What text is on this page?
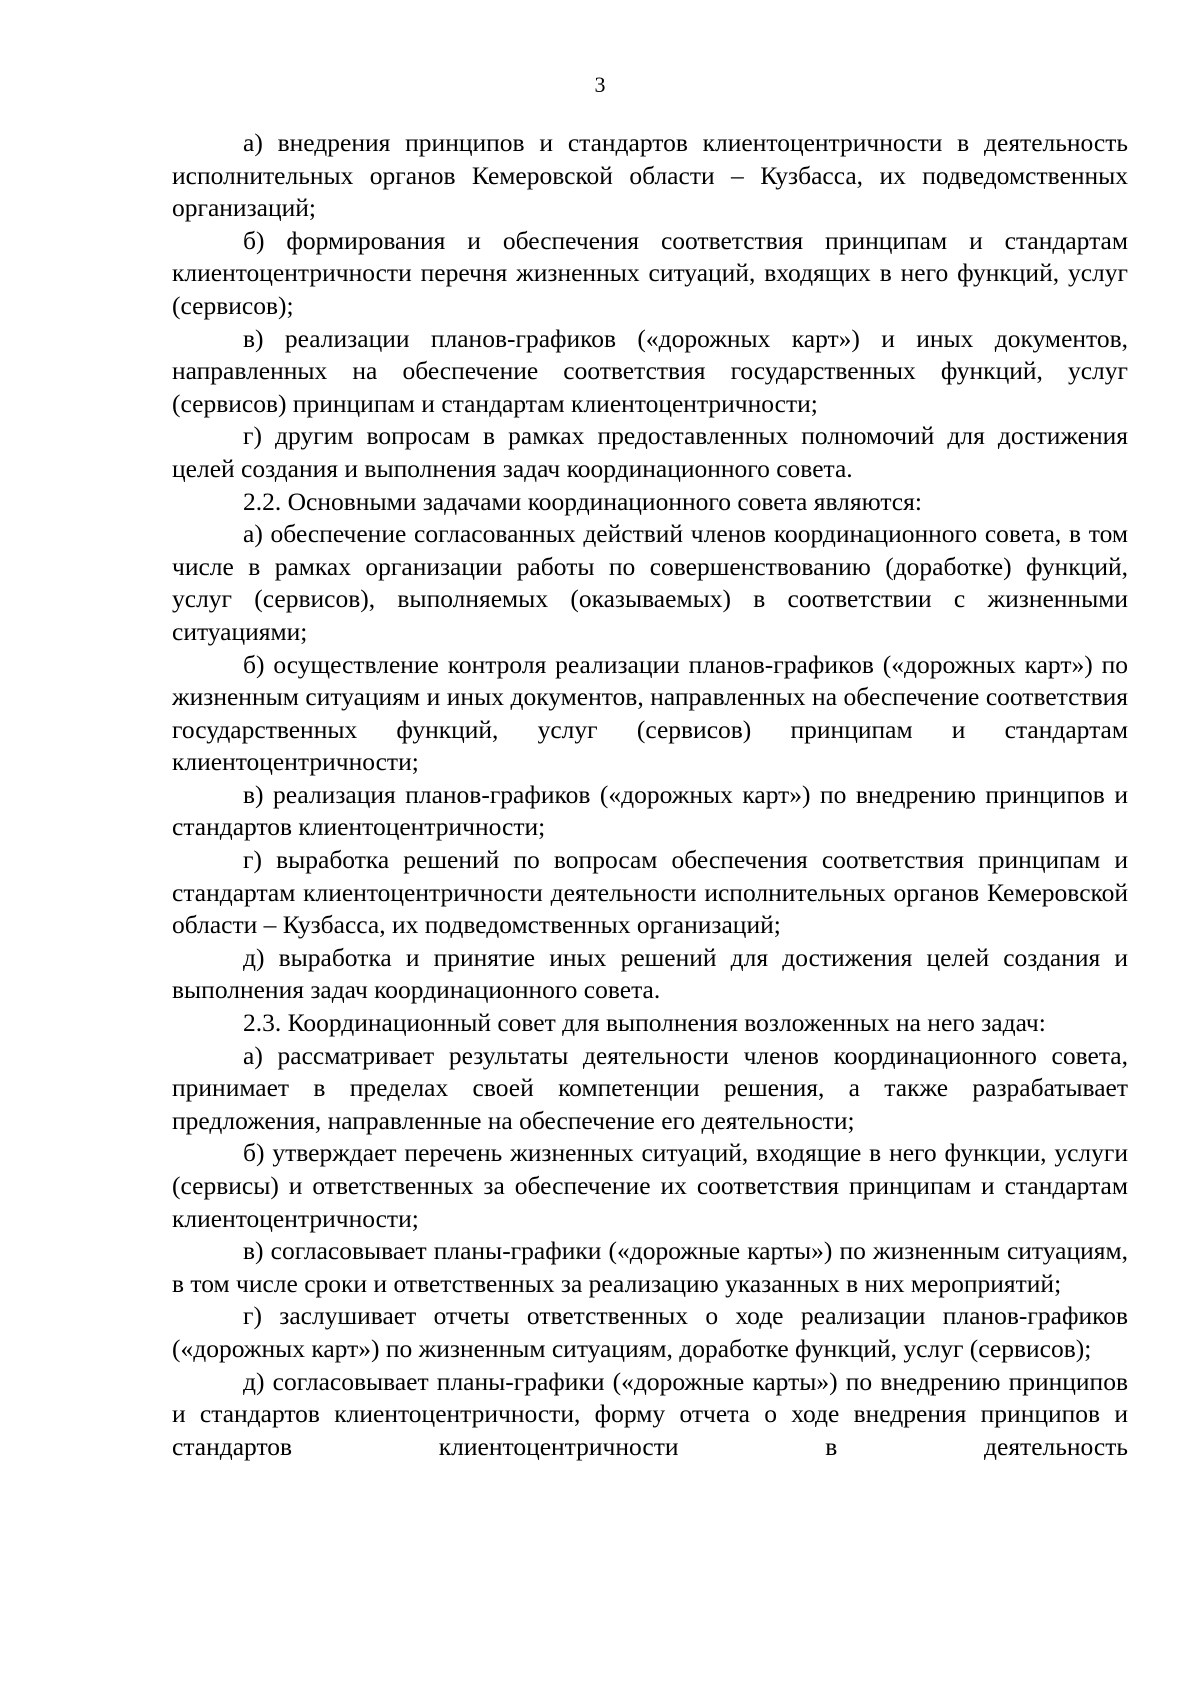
3

а) внедрения принципов и стандартов клиентоцентричности в деятельность исполнительных органов Кемеровской области – Кузбасса, их подведомственных организаций;

б) формирования и обеспечения соответствия принципам и стандартам клиентоцентричности перечня жизненных ситуаций, входящих в него функций, услуг (сервисов);

в) реализации планов-графиков («дорожных карт») и иных документов, направленных на обеспечение соответствия государственных функций, услуг (сервисов) принципам и стандартам клиентоцентричности;

г) другим вопросам в рамках предоставленных полномочий для достижения целей создания и выполнения задач координационного совета.

2.2. Основными задачами координационного совета являются:

а) обеспечение согласованных действий членов координационного совета, в том числе в рамках организации работы по совершенствованию (доработке) функций, услуг (сервисов), выполняемых (оказываемых) в соответствии с жизненными ситуациями;

б) осуществление контроля реализации планов-графиков («дорожных карт») по жизненным ситуациям и иных документов, направленных на обеспечение соответствия государственных функций, услуг (сервисов) принципам и стандартам клиентоцентричности;

в) реализация планов-графиков («дорожных карт») по внедрению принципов и стандартов клиентоцентричности;

г) выработка решений по вопросам обеспечения соответствия принципам и стандартам клиентоцентричности деятельности исполнительных органов Кемеровской области – Кузбасса, их подведомственных организаций;

д) выработка и принятие иных решений для достижения целей создания и выполнения задач координационного совета.

2.3. Координационный совет для выполнения возложенных на него задач:

а) рассматривает результаты деятельности членов координационного совета, принимает в пределах своей компетенции решения, а также разрабатывает предложения, направленные на обеспечение его деятельности;

б) утверждает перечень жизненных ситуаций, входящие в него функции, услуги (сервисы) и ответственных за обеспечение их соответствия принципам и стандартам клиентоцентричности;

в) согласовывает планы-графики («дорожные карты») по жизненным ситуациям, в том числе сроки и ответственных за реализацию указанных в них мероприятий;

г) заслушивает отчеты ответственных о ходе реализации планов-графиков («дорожных карт») по жизненным ситуациям, доработке функций, услуг (сервисов);

д) согласовывает планы-графики («дорожные карты») по внедрению принципов и стандартов клиентоцентричности, форму отчета о ходе внедрения принципов и стандартов клиентоцентричности в деятельность
